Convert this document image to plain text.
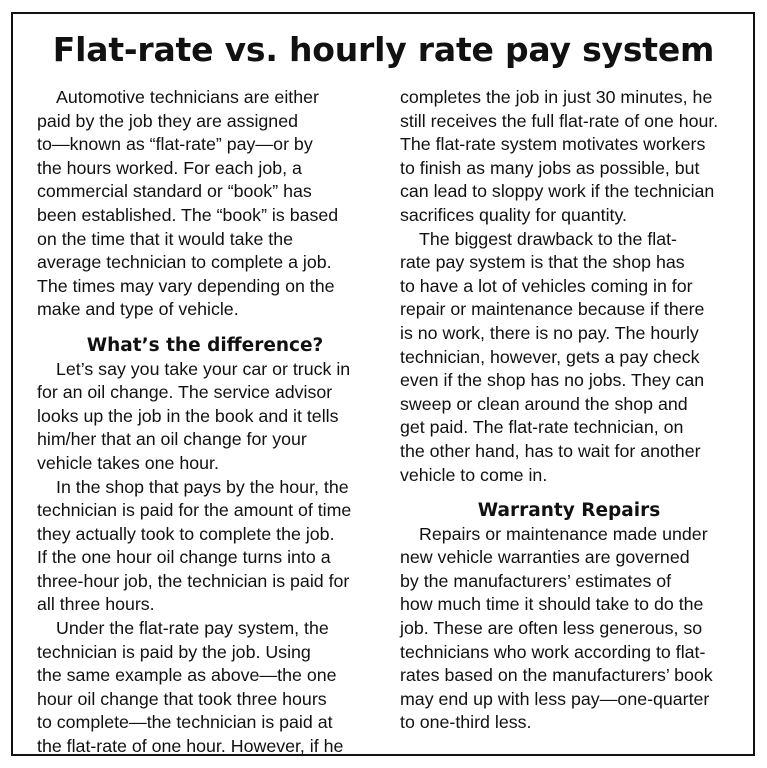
Flat-rate vs. hourly rate pay system
Automotive technicians are either
paid by the job they are assigned
to—known as “flat-rate” pay—or by
the hours worked. For each job, a
commercial standard or “book” has
been established. The “book” is based
on the time that it would take the
average technician to complete a job.
The times may vary depending on the
make and type of vehicle.
What’s the difference?
Let’s say you take your car or truck in
for an oil change. The service advisor
looks up the job in the book and it tells
him/her that an oil change for your
vehicle takes one hour.
In the shop that pays by the hour, the
technician is paid for the amount of time
they actually took to complete the job.
If the one hour oil change turns into a
three-hour job, the technician is paid for
all three hours.
Under the flat-rate pay system, the
technician is paid by the job. Using
the same example as above—the one
hour oil change that took three hours
to complete—the technician is paid at
the flat-rate of one hour. However, if he
completes the job in just 30 minutes, he
still receives the full flat-rate of one hour.
The flat-rate system motivates workers
to finish as many jobs as possible, but
can lead to sloppy work if the technician
sacrifices quality for quantity.
The biggest drawback to the flat-
rate pay system is that the shop has
to have a lot of vehicles coming in for
repair or maintenance because if there
is no work, there is no pay. The hourly
technician, however, gets a pay check
even if the shop has no jobs. They can
sweep or clean around the shop and
get paid. The flat-rate technician, on
the other hand, has to wait for another
vehicle to come in.
Warranty Repairs
Repairs or maintenance made under
new vehicle warranties are governed
by the manufacturers’ estimates of
how much time it should take to do the
job. These are often less generous, so
technicians who work according to flat-
rates based on the manufacturers’ book
may end up with less pay—one-quarter
to one-third less.
